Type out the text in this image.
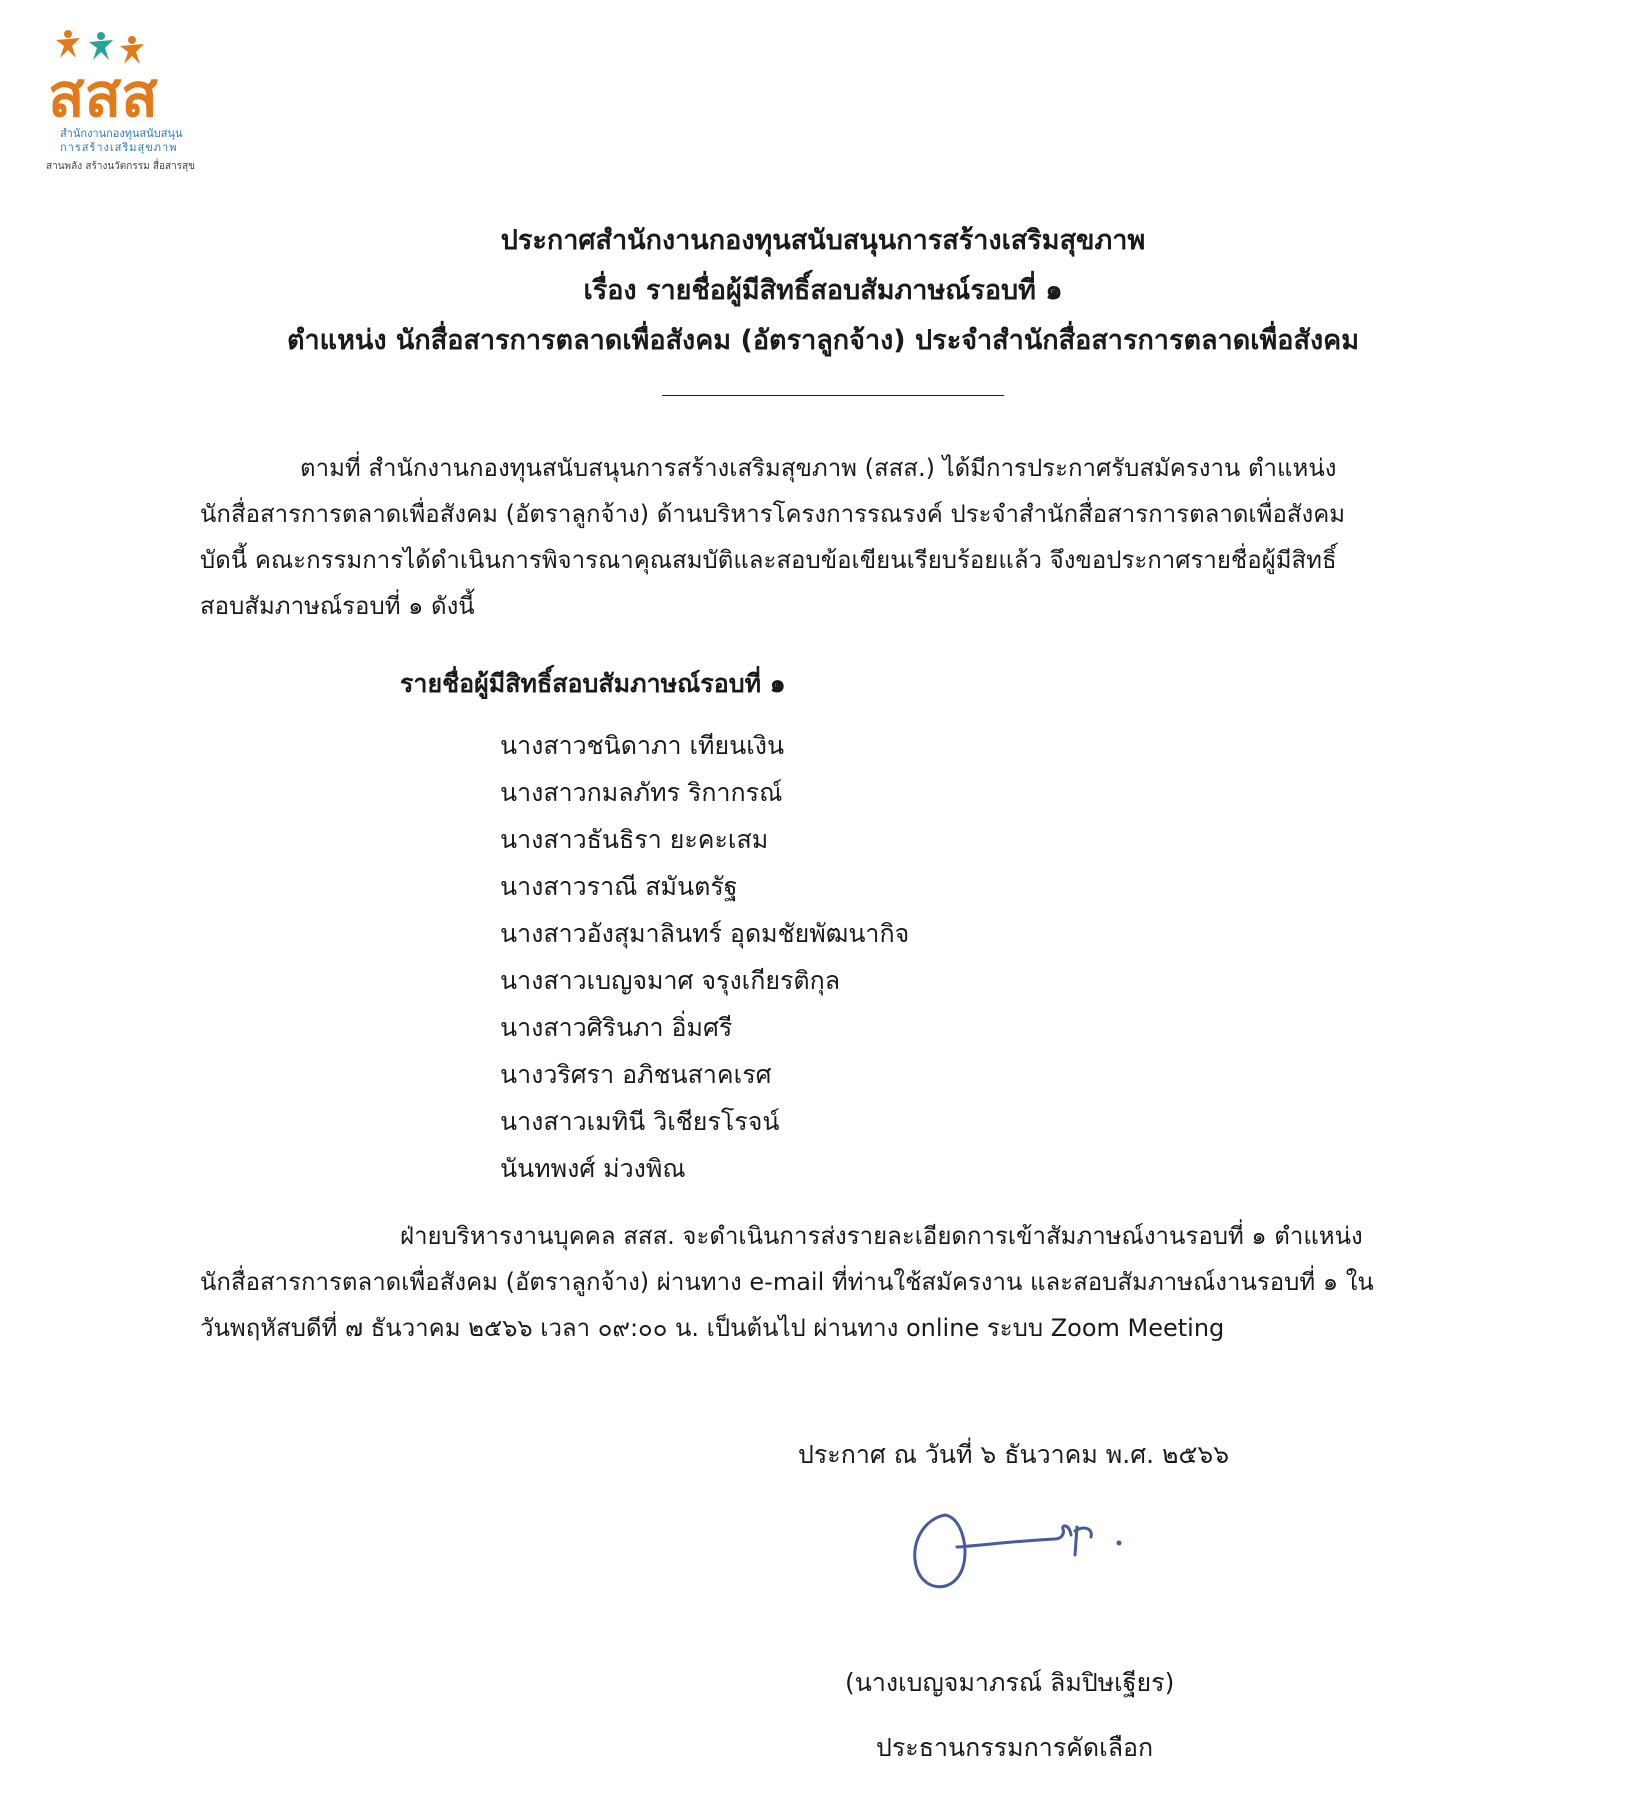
สสส
สำนักงานกองทุนสนับสนุน
การสร้างเสริมสุขภาพ
สานพลัง สร้างนวัตกรรม สื่อสารสุข
ประกาศสำนักงานกองทุนสนับสนุนการสร้างเสริมสุขภาพ
เรื่อง รายชื่อผู้มีสิทธิ์สอบสัมภาษณ์รอบที่ ๑
ตำแหน่ง นักสื่อสารการตลาดเพื่อสังคม (อัตราลูกจ้าง) ประจำสำนักสื่อสารการตลาดเพื่อสังคม
ตามที่ สำนักงานกองทุนสนับสนุนการสร้างเสริมสุขภาพ (สสส.) ได้มีการประกาศรับสมัครงาน ตำแหน่ง
นักสื่อสารการตลาดเพื่อสังคม (อัตราลูกจ้าง) ด้านบริหารโครงการรณรงค์ ประจำสำนักสื่อสารการตลาดเพื่อสังคม
บัดนี้ คณะกรรมการได้ดำเนินการพิจารณาคุณสมบัติและสอบข้อเขียนเรียบร้อยแล้ว จึงขอประกาศรายชื่อผู้มีสิทธิ์
สอบสัมภาษณ์รอบที่ ๑ ดังนี้
รายชื่อผู้มีสิทธิ์สอบสัมภาษณ์รอบที่ ๑
นางสาวชนิดาภา เทียนเงิน
นางสาวกมลภัทร ริกากรณ์
นางสาวธันธิรา ยะคะเสม
นางสาวราณี สมันตรัฐ
นางสาวอังสุมาลินทร์ อุดมชัยพัฒนากิจ
นางสาวเบญจมาศ จรุงเกียรติกุล
นางสาวศิรินภา อิ่มศรี
นางวริศรา อภิชนสาคเรศ
นางสาวเมทินี วิเชียรโรจน์
นันทพงศ์ ม่วงพิณ
ฝ่ายบริหารงานบุคคล สสส. จะดำเนินการส่งรายละเอียดการเข้าสัมภาษณ์งานรอบที่ ๑ ตำแหน่ง
นักสื่อสารการตลาดเพื่อสังคม (อัตราลูกจ้าง) ผ่านทาง e-mail ที่ท่านใช้สมัครงาน และสอบสัมภาษณ์งานรอบที่ ๑ ใน
วันพฤหัสบดีที่ ๗ ธันวาคม ๒๕๖๖ เวลา ๐๙:๐๐ น. เป็นต้นไป ผ่านทาง online ระบบ Zoom Meeting
ประกาศ ณ วันที่ ๖ ธันวาคม พ.ศ. ๒๕๖๖
(นางเบญจมาภรณ์ ลิมปิษเฐียร)
ประธานกรรมการคัดเลือก
